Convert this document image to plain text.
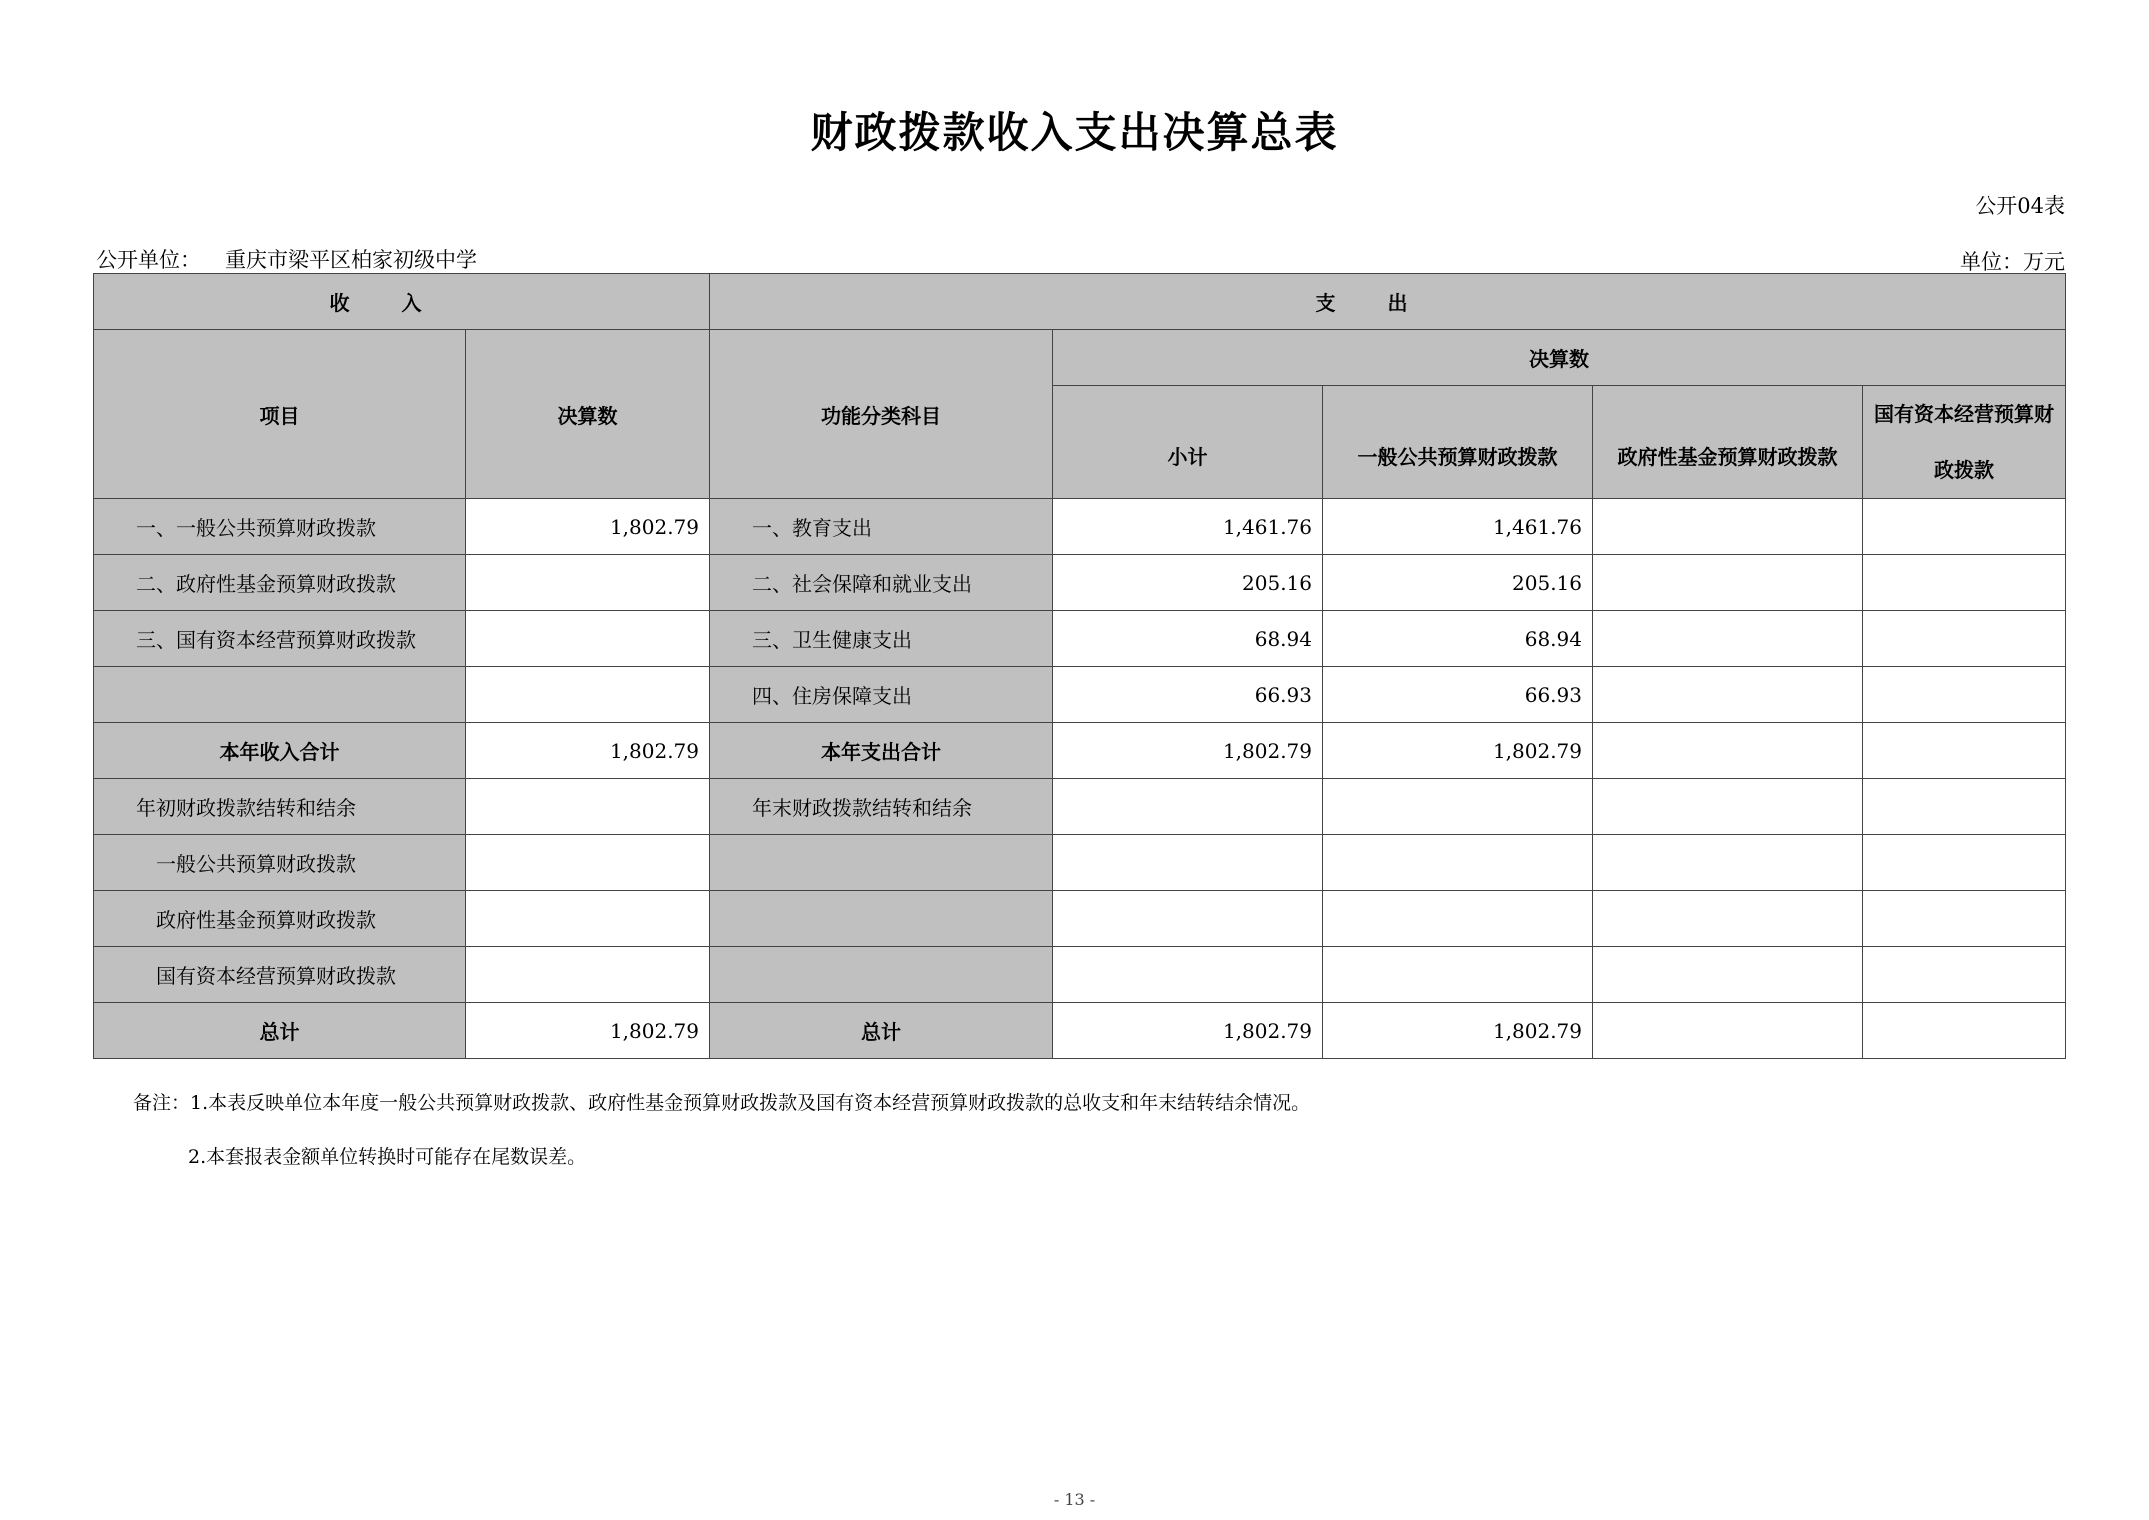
财政拨款收入支出决算总表
公开04表
公开单位： 重庆市梁平区柏家初级中学	单位：万元
收入		支出				
项目	决算数	功能分类科目	决算数			
			小计	一般公共预算财政拨款	政府性基金预算财政拨款	国有资本经营预算财政拨款
一、一般公共预算财政拨款	1,802.79	一、教育支出	1,461.76	1,461.76		
二、政府性基金预算财政拨款		二、社会保障和就业支出	205.16	205.16		
三、国有资本经营预算财政拨款		三、卫生健康支出	68.94	68.94		
		四、住房保障支出	66.93	66.93		
本年收入合计	1,802.79	本年支出合计	1,802.79	1,802.79		
年初财政拨款结转和结余		年末财政拨款结转和结余				
一般公共预算财政拨款						
政府性基金预算财政拨款						
国有资本经营预算财政拨款						
总计	1,802.79	总计	1,802.79	1,802.79		
备注：1.本表反映单位本年度一般公共预算财政拨款、政府性基金预算财政拨款及国有资本经营预算财政拨款的总收支和年末结转结余情况。
2.本套报表金额单位转换时可能存在尾数误差。
- 13 -
